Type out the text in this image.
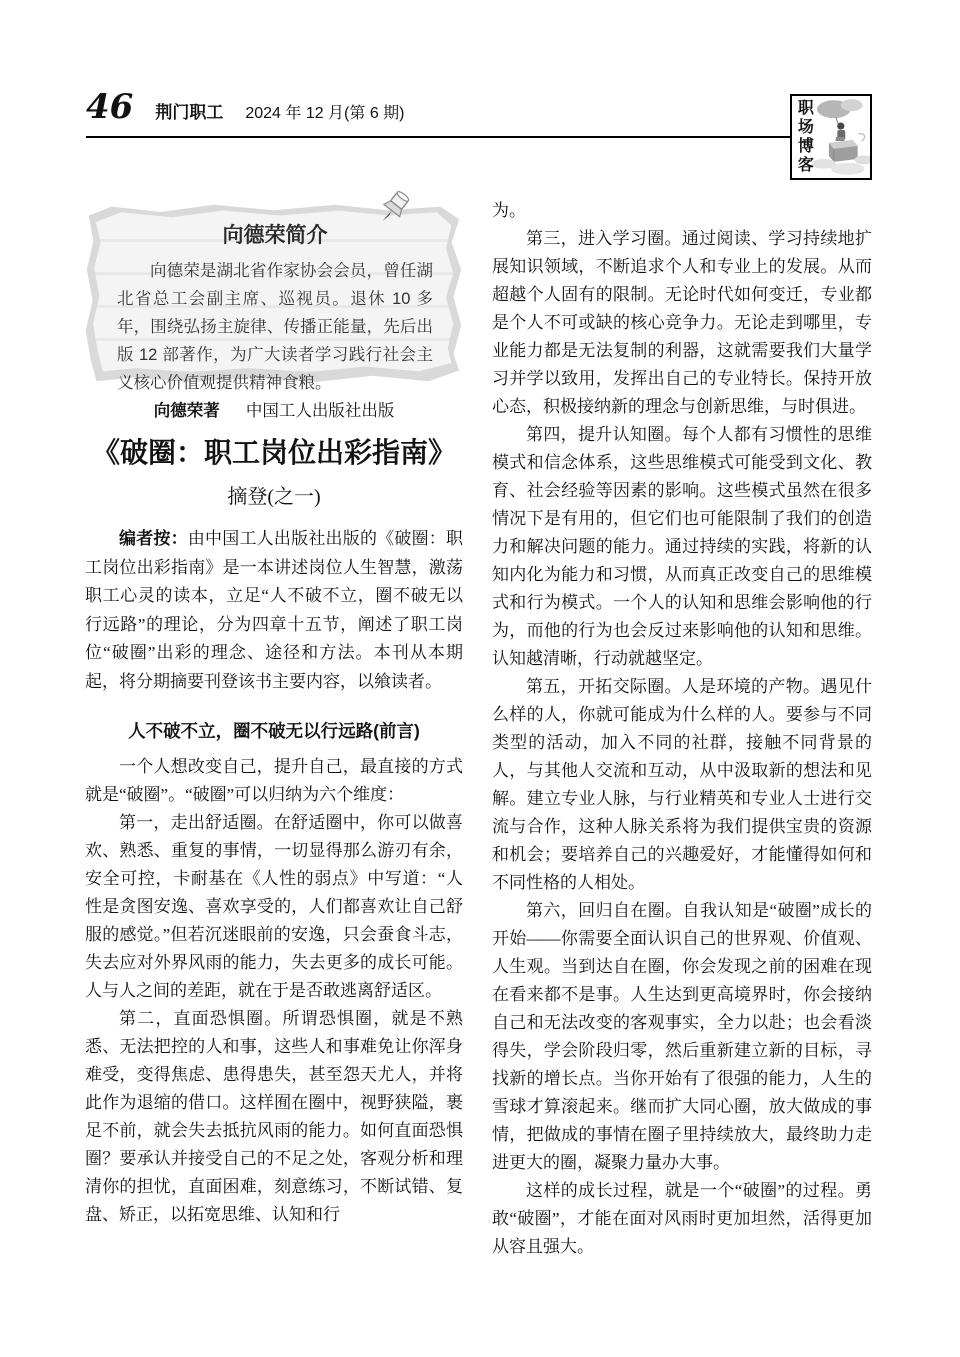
46 荆门职工 2024 年 12 月(第 6 期)	职场博客
向德荣简介

向德荣是湖北省作家协会会员，曾任湖北省总工会副主席、巡视员。退休 10 多年，围绕弘扬主旋律、传播正能量，先后出版 12 部著作，为广大读者学习践行社会主义核心价值观提供精神食粮。

向德荣著 中国工人出版社出版
《破圈：职工岗位出彩指南》
摘登(之一)

编者按：由中国工人出版社出版的《破圈：职工岗位出彩指南》是一本讲述岗位人生智慧，激荡职工心灵的读本，立足“人不破不立，圈不破无以行远路”的理论，分为四章十五节，阐述了职工岗位“破圈”出彩的理念、途径和方法。本刊从本期起，将分期摘要刊登该书主要内容，以飨读者。

人不破不立，圈不破无以行远路(前言)

一个人想改变自己，提升自己，最直接的方式就是“破圈”。“破圈”可以归纳为六个维度：

第一，走出舒适圈。在舒适圈中，你可以做喜欢、熟悉、重复的事情，一切显得那么游刃有余，安全可控，卡耐基在《人性的弱点》中写道：“人性是贪图安逸、喜欢享受的，人们都喜欢让自己舒服的感觉。”但若沉迷眼前的安逸，只会蚕食斗志，失去应对外界风雨的能力，失去更多的成长可能。人与人之间的差距，就在于是否敢逃离舒适区。

第二，直面恐惧圈。所谓恐惧圈，就是不熟悉、无法把控的人和事，这些人和事难免让你浑身难受，变得焦虑、患得患失，甚至怨天尤人，并将此作为退缩的借口。这样囿在圈中，视野狭隘，裹足不前，就会失去抵抗风雨的能力。如何直面恐惧圈？要承认并接受自己的不足之处，客观分析和理清你的担忧，直面困难，刻意练习，不断试错、复盘、矫正，以拓宽思维、认知和行

为。

第三，进入学习圈。通过阅读、学习持续地扩展知识领域，不断追求个人和专业上的发展。从而超越个人固有的限制。无论时代如何变迁，专业都是个人不可或缺的核心竞争力。无论走到哪里，专业能力都是无法复制的利器，这就需要我们大量学习并学以致用，发挥出自己的专业特长。保持开放心态，积极接纳新的理念与创新思维，与时俱进。

第四，提升认知圈。每个人都有习惯性的思维模式和信念体系，这些思维模式可能受到文化、教育、社会经验等因素的影响。这些模式虽然在很多情况下是有用的，但它们也可能限制了我们的创造力和解决问题的能力。通过持续的实践，将新的认知内化为能力和习惯，从而真正改变自己的思维模式和行为模式。一个人的认知和思维会影响他的行为，而他的行为也会反过来影响他的认知和思维。认知越清晰，行动就越坚定。

第五，开拓交际圈。人是环境的产物。遇见什么样的人，你就可能成为什么样的人。要参与不同类型的活动，加入不同的社群，接触不同背景的人，与其他人交流和互动，从中汲取新的想法和见解。建立专业人脉，与行业精英和专业人士进行交流与合作，这种人脉关系将为我们提供宝贵的资源和机会；要培养自己的兴趣爱好，才能懂得如何和不同性格的人相处。

第六，回归自在圈。自我认知是“破圈”成长的开始——你需要全面认识自己的世界观、价值观、人生观。当到达自在圈，你会发现之前的困难在现在看来都不是事。人生达到更高境界时，你会接纳自己和无法改变的客观事实，全力以赴；也会看淡得失，学会阶段归零，然后重新建立新的目标，寻找新的增长点。当你开始有了很强的能力，人生的雪球才算滚起来。继而扩大同心圈，放大做成的事情，把做成的事情在圈子里持续放大，最终助力走进更大的圈，凝聚力量办大事。

这样的成长过程，就是一个“破圈”的过程。勇敢“破圈”，才能在面对风雨时更加坦然，活得更加从容且强大。
